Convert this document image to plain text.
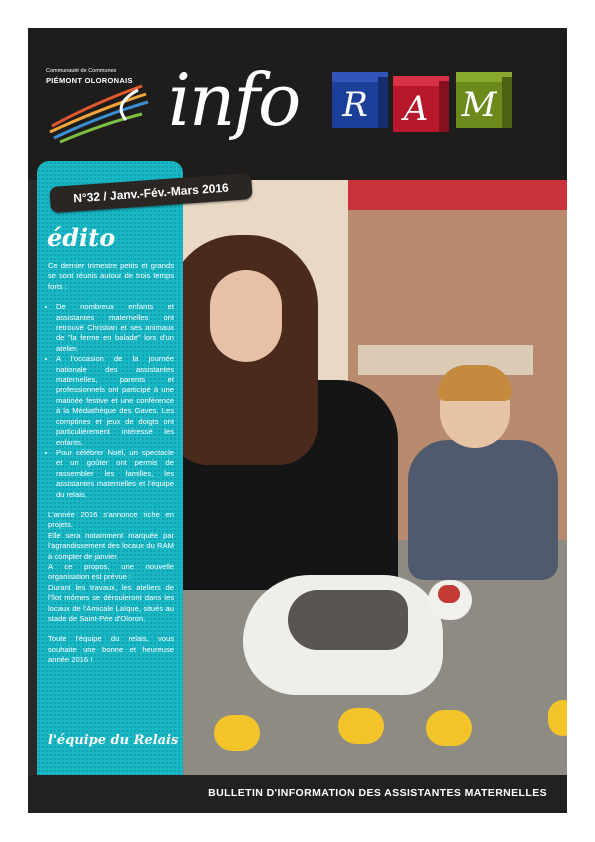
Communauté de Communes
PIÉMONT OLORONAIS info R	A M
édito

Ce dernier trimestre petits et grands se sont réunis autour de trois temps forts :

• De nombreux enfants et assistantes maternelles ont retrouvé Christian et ses animaux de "la ferme en balade" lors d'un atelier.
• A l'occasion de la journée nationale des assistantes maternelles, parents et professionnels ont participé à une matinée festive et une conférence à la Médiathèque des Gaves. Les comptines et jeux de doigts ont particulièrement intéressé les enfants.
• Pour célébrer Noël, un spectacle et un goûter ont permis de rassembler les familles, les assistantes maternelles et l'équipe du relais.
L'année 2016 s'annonce riche en projets.
Elle sera notamment marquée par l'agrandissement des locaux du RAM à compter de janvier.
A ce propos, une nouvelle organisation est prévue :
Durant les travaux, les ateliers de l'îlot mômes se dérouleront dans les locaux de l'Amicale Laïque, situés au stade de Saint-Pée d'Oloron.
Toute l'équipe du relais, vous souhaite une bonne et heureuse année 2016 !
l'équipe du Relais
N°32 / Janv.-Fév.-Mars 2016
BULLETIN D'INFORMATION DES ASSISTANTES MATERNELLES
